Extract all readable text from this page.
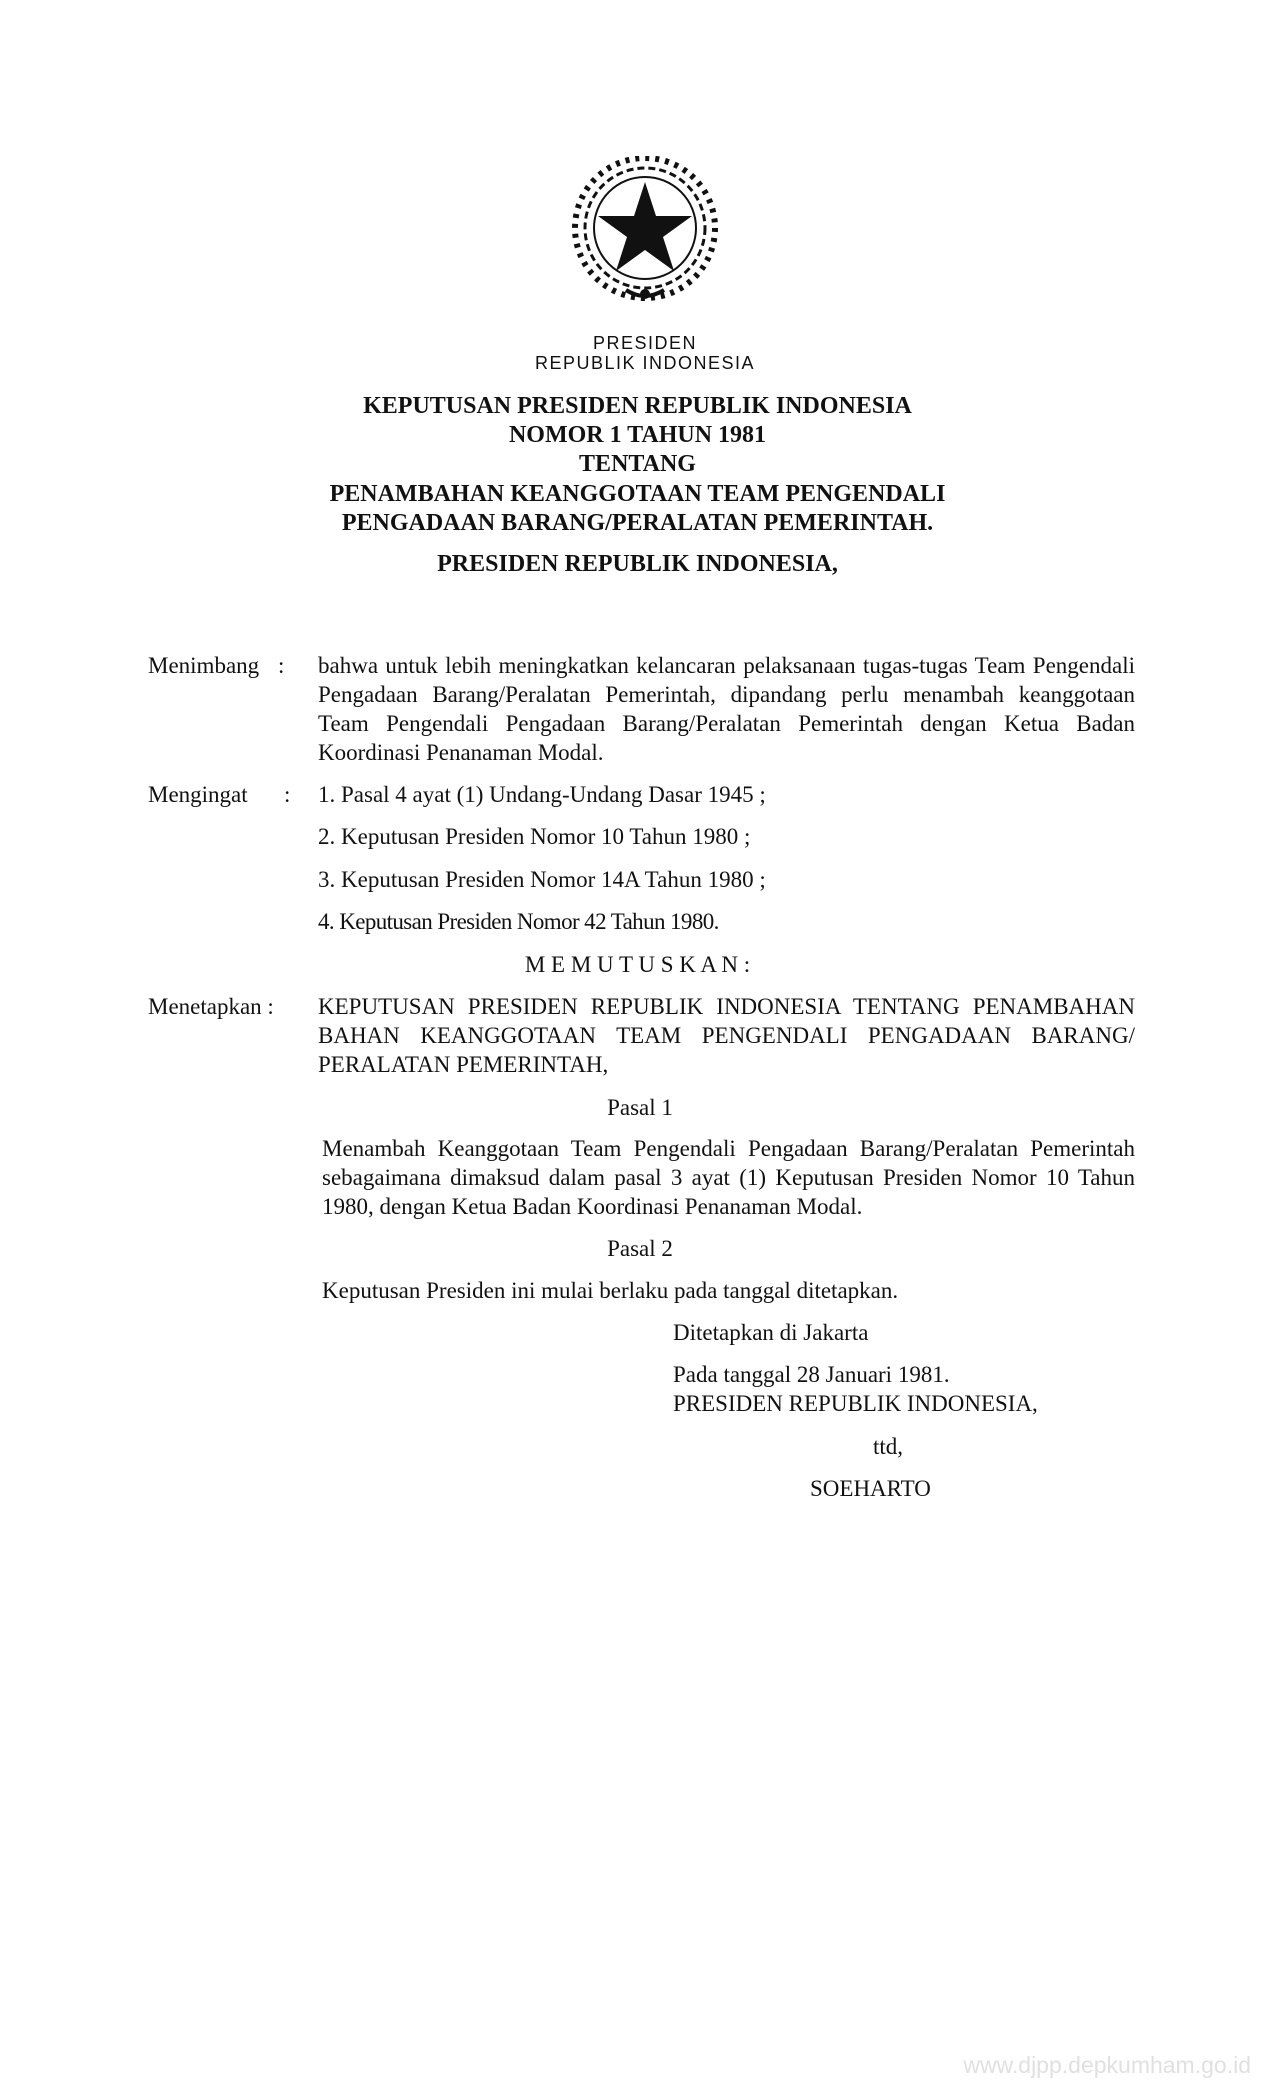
PRESIDEN
REPUBLIK INDONESIA
KEPUTUSAN PRESIDEN REPUBLIK INDONESIA
NOMOR 1 TAHUN 1981
TENTANG
PENAMBAHAN KEANGGOTAAN TEAM PENGENDALI
PENGADAAN BARANG/PERALATAN PEMERINTAH.
PRESIDEN REPUBLIK INDONESIA,
Menimbang : bahwa untuk lebih meningkatkan kelancaran pelaksanaan tugas-tugas Team Pengendali Pengadaan Barang/Peralatan Pemerintah, dipandang perlu menambah keanggotaan Team Pengendali Pengadaan Barang/Peralatan Pemerintah dengan Ketua Badan Koordinasi Penanaman Modal.
Mengingat : 1. Pasal 4 ayat (1) Undang-Undang Dasar 1945 ;
2. Keputusan Presiden Nomor 10 Tahun 1980 ;
3. Keputusan Presiden Nomor 14A Tahun 1980 ;
4. Keputusan Presiden Nomor 42 Tahun 1980.
M E M U T U S K A N :
Menetapkan : KEPUTUSAN PRESIDEN REPUBLIK INDONESIA TENTANG PENAMBAHAN BAHAN KEANGGOTAAN TEAM PENGENDALI PENGADAAN BARANG/ PERALATAN PEMERINTAH,
Pasal 1
Menambah Keanggotaan Team Pengendali Pengadaan Barang/Peralatan Pemerintah sebagaimana dimaksud dalam pasal 3 ayat (1) Keputusan Presiden Nomor 10 Tahun 1980, dengan Ketua Badan Koordinasi Penanaman Modal.
Pasal 2
Keputusan Presiden ini mulai berlaku pada tanggal ditetapkan.
Ditetapkan di Jakarta
Pada tanggal 28 Januari 1981.
PRESIDEN REPUBLIK INDONESIA,
ttd,
SOEHARTO
www.djpp.depkumham.go.id
